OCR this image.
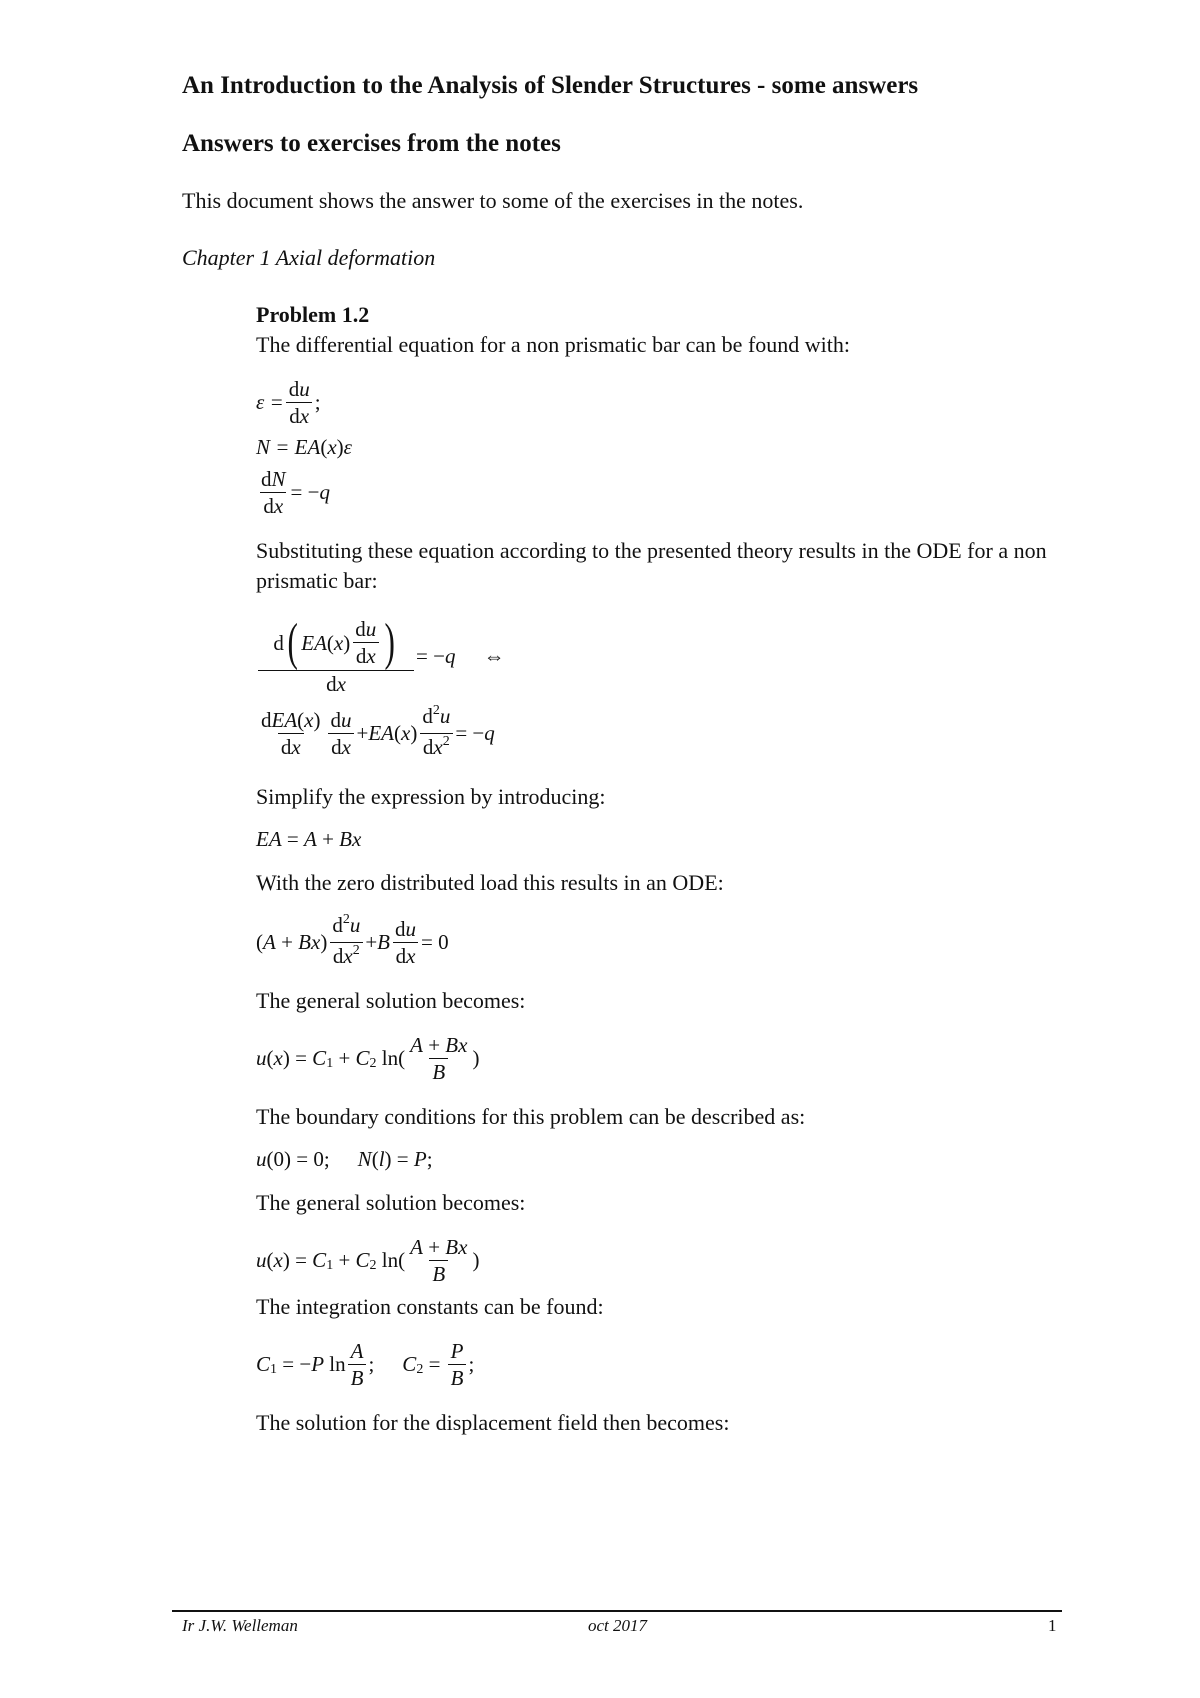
An Introduction to the Analysis of Slender Structures - some answers
Answers to exercises from the notes
This document shows the answer to some of the exercises in the notes.
Chapter 1 Axial deformation
Problem 1.2
The differential equation for a non prismatic bar can be found with:
$\varepsilon = \frac{du}{dx}$ ;
N = EA ( x ) ε
$\frac{dN}{dx}$ = − q
Substituting these equation according to the presented theory results in the ODE for a non prismatic bar:
$\frac{d ( EA ( x ) \frac{du}{dx} )}{dx}$ = − q ⇔
$\frac{\text{dEA(x)}}{dx} \frac{du}{dx}$ + EA ( x ) $\frac{d^2u}{dx^2}$ = − q
Simplify the expression by introducing:
EA = A + Bx
With the zero distributed load this results in an ODE:
( A + Bx ) $\frac{d^2u}{dx^2} + B \frac{du}{dx} = 0$
The general solution becomes:
u ( x ) = C 1 + C 2 $\ln( \frac{A + Bx}{B}$ )
The boundary conditions for this problem can be described as:
u (0) = 0; N ( l ) = P ;
The general solution becomes:
u ( x ) = C 1 + C 2 $\ln( \frac{A + Bx}{B}$ )
The integration constants can be found:
C 1 = − P $\ln \frac{A}{B}$ ; C $2 = \frac{P}{B}$ ;
The solution for the displacement field then becomes:
Ir J.W. Welleman	oct 2017	1
